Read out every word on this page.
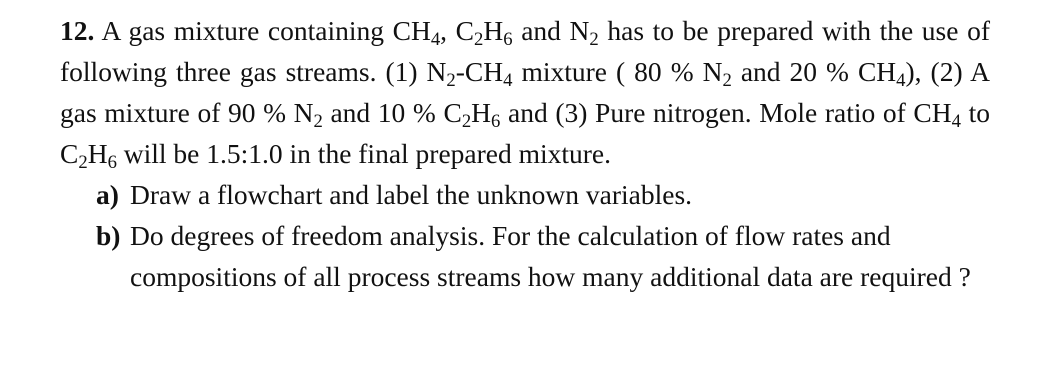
12. A gas mixture containing $CH_4$, $C_2H_6$ and $N_2$ has to be prepared with the use of following three gas streams. (1) $N_2-CH_4$ mixture ( 80 % $N_2$ and 20 % $CH_4$), (2) A gas mixture of 90 % $N_2$ and 10 % $C_2H_6$ and (3) Pure nitrogen. Mole ratio of $CH_4$ to $C_2H_6$ will be 1.5:1.0 in the final prepared mixture.

a) Draw a flowchart and label the unknown variables.
b) Do degrees of freedom analysis. For the calculation of flow rates and compositions of all process streams how many additional data are required ?
